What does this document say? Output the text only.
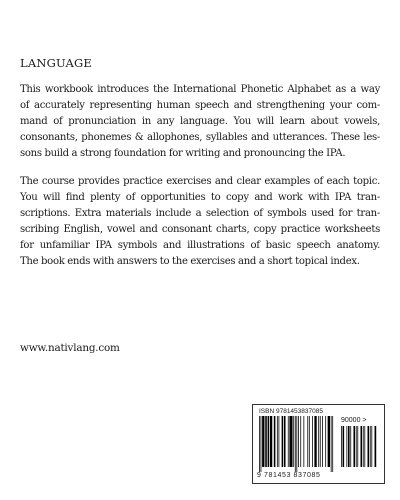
LANGUAGE
This workbook introduces the International Phonetic Alphabet as a way
of accurately representing human speech and strengthening your com-
mand of pronunciation in any language. You will learn about vowels,
consonants, phonemes & allophones, syllables and utterances. These les-
sons build a strong foundation for writing and pronouncing the IPA.
The course provides practice exercises and clear examples of each topic.
You will find plenty of opportunities to copy and work with IPA tran-
scriptions. Extra materials include a selection of symbols used for tran-
scribing English, vowel and consonant charts, copy practice worksheets
for unfamiliar IPA symbols and illustrations of basic speech anatomy.
The book ends with answers to the exercises and a short topical index.
www.nativlang.com
ISBN 9781453837085
90000 >
9 781453 837085
